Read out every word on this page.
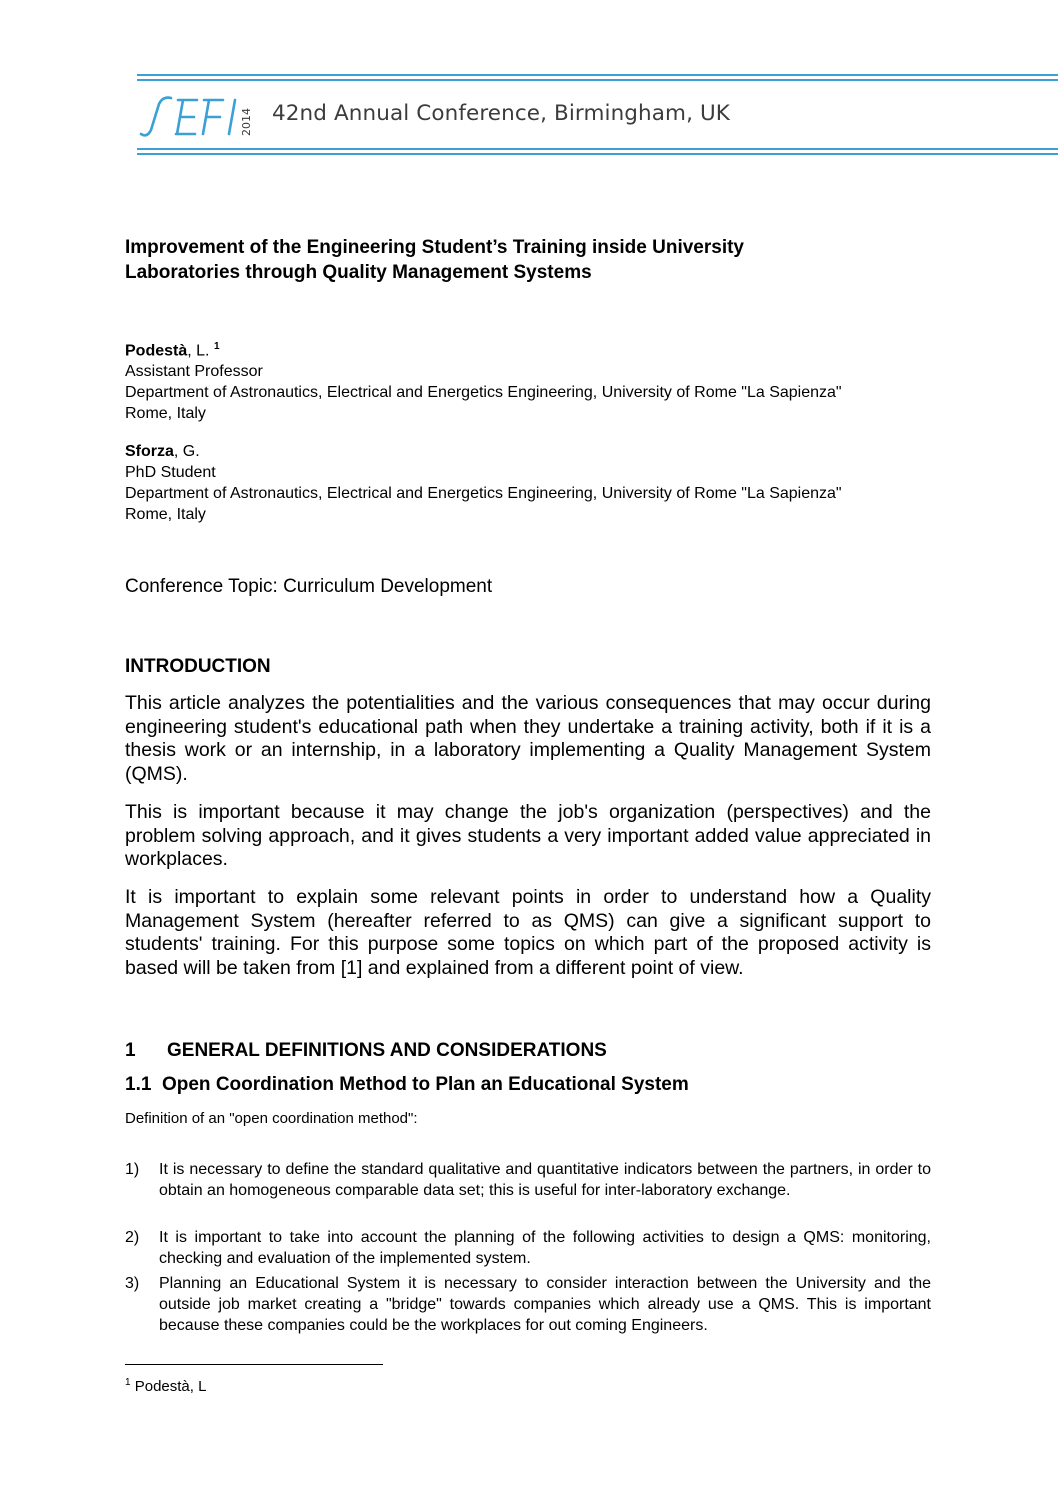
SEFI
2014 42nd Annual Conference, Birmingham, UK
Improvement of the Engineering Student’s Training inside University
Laboratories through Quality Management Systems
Podestà, L. $^1$
Assistant Professor
Department of Astronautics, Electrical and Energetics Engineering, University of Rome "La Sapienza"
Rome, Italy
Sforza, G.
PhD Student
Department of Astronautics, Electrical and Energetics Engineering, University of Rome "La Sapienza"
Rome, Italy
Conference Topic: Curriculum Development
INTRODUCTION

This article analyzes the potentialities and the various consequences that may occur during engineering student's educational path when they undertake a training activity, both if it is a thesis work or an internship, in a laboratory implementing a Quality Management System (QMS).

This is important because it may change the job's organization (perspectives) and the problem solving approach, and it gives students a very important added value appreciated in workplaces.

It is important to explain some relevant points in order to understand how a Quality Management System (hereafter referred to as QMS) can give a significant support to students' training. For this purpose some topics on which part of the proposed activity is based will be taken from [1] and explained from a different point of view.

1 GENERAL DEFINITIONS AND CONSIDERATIONS
1.1 Open Coordination Method to Plan an Educational System
Definition of an "open coordination method":
1) It is necessary to define the standard qualitative and quantitative indicators between the partners, in order to obtain an homogeneous comparable data set; this is useful for inter-laboratory exchange.
2) It is important to take into account the planning of the following activities to design a QMS: monitoring, checking and evaluation of the implemented system.
3) Planning an Educational System it is necessary to consider interaction between the University and the outside job market creating a "bridge" towards companies which already use a QMS. This is important because these companies could be the workplaces for out coming Engineers.
$^1$ Podestà, L
